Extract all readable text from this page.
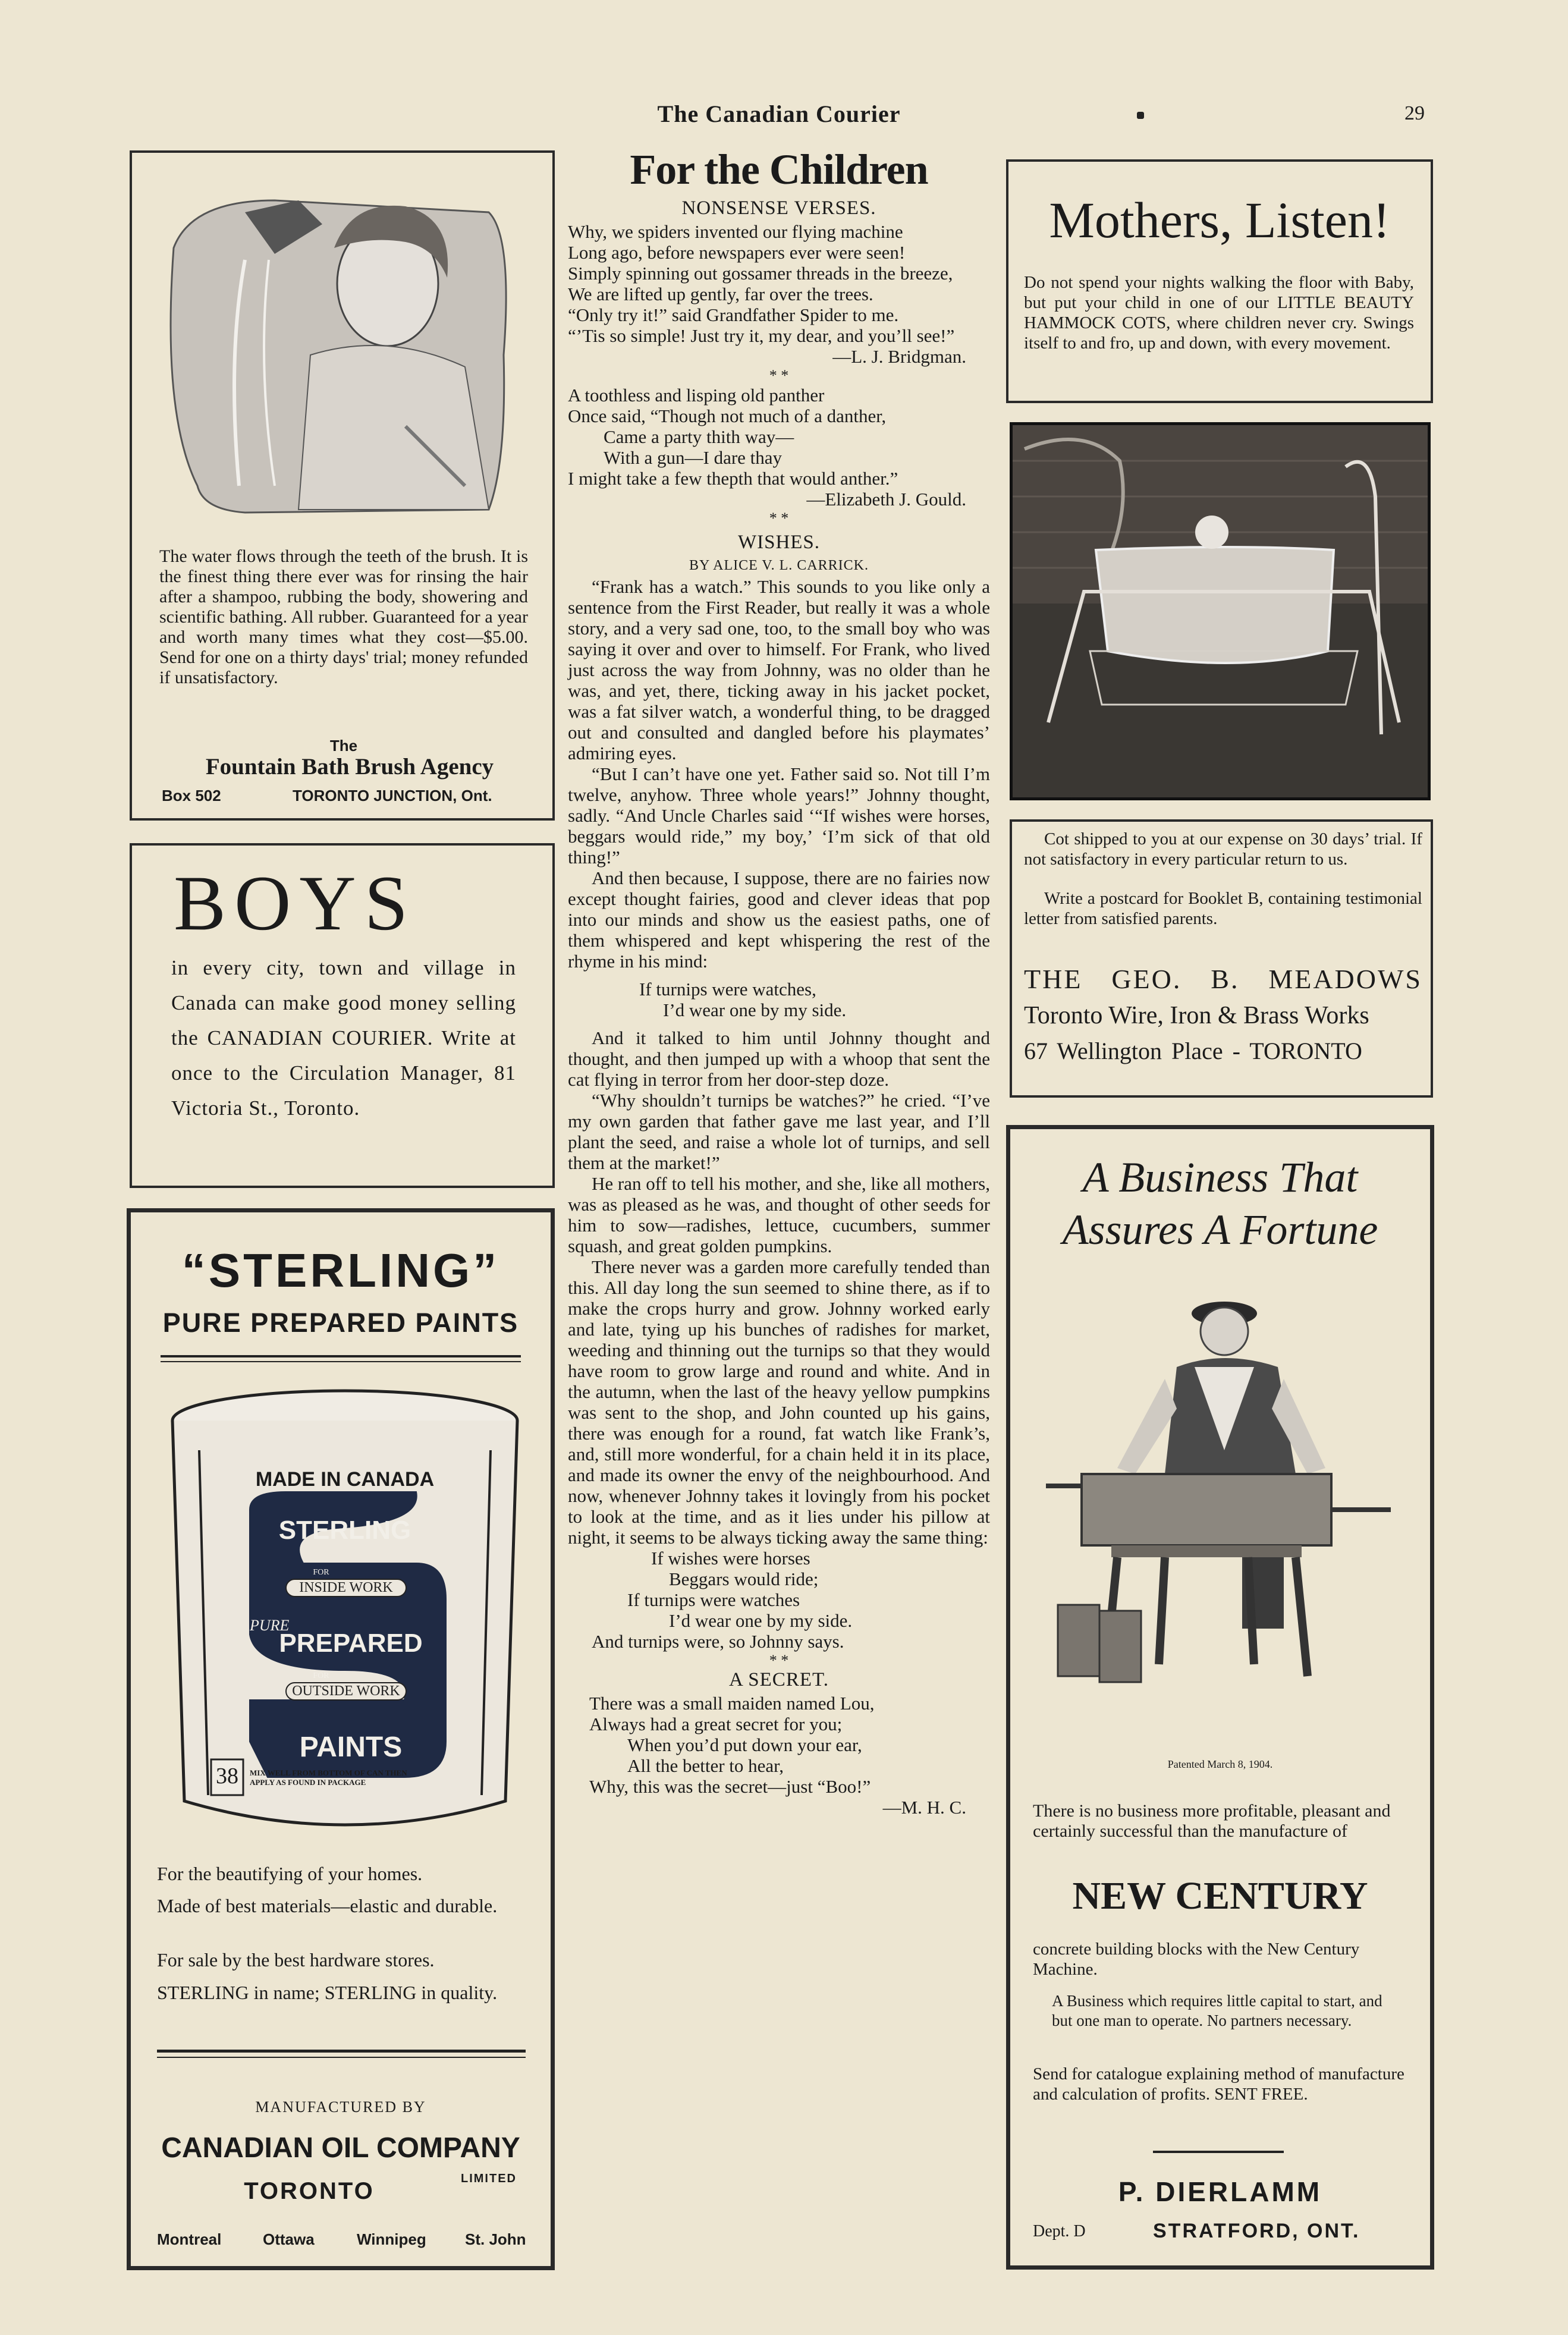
The Canadian Courier	29
The water flows through the teeth of the brush. It is the finest thing there ever was for rinsing the hair after a shampoo, rubbing the body, showering and scientific bathing. All rubber. Guaranteed for a year and worth many times what they cost—$5.00. Send for one on a thirty days' trial; money refunded if unsatisfactory.
The
Fountain Bath Brush Agency
Box 502	TORONTO JUNCTION, Ont.
BOYS
in every city, town and village in Canada can make good money selling the CANADIAN COURIER. Write at once to the Circulation Manager, 81 Victoria St., Toronto.
“STERLING”
PURE PREPARED PAINTS
MADE IN CANADA
STERLING
FOR
INSIDE WORK
PURE
PREPARED
FOR
OUTSIDE WORK
PAINTS
38	MIX WELL FROM BOTTOM OF CAN THEN APPLY AS FOUND IN PACKAGE
For the beautifying of your homes.
Made of best materials—elastic and durable.
For sale by the best hardware stores.
STERLING in name; STERLING in quality.
MANUFACTURED BY
CANADIAN OIL COMPANY
TORONTO	LIMITED
Montreal	Ottawa	Winnipeg	St. John
For the Children
NONSENSE VERSES.

Why, we spiders invented our flying machine

Long ago, before newspapers ever were seen!

Simply spinning out gossamer threads in the breeze,

We are lifted up gently, far over the trees.

“Only try it!” said Grandfather Spider to me.

“’Tis so simple! Just try it, my dear, and you’ll see!”

—L. J. Bridgman.

* *

A toothless and lisping old panther

Once said, “Though not much of a danther,

Came a party thith way—

With a gun—I dare thay

I might take a few thepth that would anther.”

—Elizabeth J. Gould.

* *

WISHES.

BY ALICE V. L. CARRICK.

“Frank has a watch.” This sounds to you like only a sentence from the First Reader, but really it was a whole story, and a very sad one, too, to the small boy who was saying it over and over to himself. For Frank, who lived just across the way from Johnny, was no older than he was, and yet, there, ticking away in his jacket pocket, was a fat silver watch, a wonderful thing, to be dragged out and consulted and dangled before his playmates’ admiring eyes.

“But I can’t have one yet. Father said so. Not till I’m twelve, anyhow. Three whole years!” Johnny thought, sadly. “And Uncle Charles said ‘“If wishes were horses, beggars would ride,” my boy,’ ‘I’m sick of that old thing!”

And then because, I suppose, there are no fairies now except thought fairies, good and clever ideas that pop into our minds and show us the easiest paths, one of them whispered and kept whispering the rest of the rhyme in his mind:

If turnips were watches,

I’d wear one by my side.

And it talked to him until Johnny thought and thought, and then jumped up with a whoop that sent the cat flying in terror from her door-step doze.

“Why shouldn’t turnips be watches?” he cried. “I’ve my own garden that father gave me last year, and I’ll plant the seed, and raise a whole lot of turnips, and sell them at the market!”

He ran off to tell his mother, and she, like all mothers, was as pleased as he was, and thought of other seeds for him to sow—radishes, lettuce, cucumbers, summer squash, and great golden pumpkins.

There never was a garden more carefully tended than this. All day long the sun seemed to shine there, as if to make the crops hurry and grow. Johnny worked early and late, tying up his bunches of radishes for market, weeding and thinning out the turnips so that they would have room to grow large and round and white. And in the autumn, when the last of the heavy yellow pumpkins was sent to the shop, and John counted up his gains, there was enough for a round, fat watch like Frank’s, and, still more wonderful, for a chain held it in its place, and made its owner the envy of the neighbourhood. And now, whenever Johnny takes it lovingly from his pocket to look at the time, and as it lies under his pillow at night, it seems to be always ticking away the same thing:

If wishes were horses

Beggars would ride;

If turnips were watches

I’d wear one by my side.

And turnips were, so Johnny says.

* *

A SECRET.

There was a small maiden named Lou,

Always had a great secret for you;

When you’d put down your ear,

All the better to hear,

Why, this was the secret—just “Boo!”

—M. H. C.

Mothers, Listen!
Do not spend your nights walking the floor with Baby, but put your child in one of our LITTLE BEAUTY HAMMOCK COTS, where children never cry. Swings itself to and fro, up and down, with every movement.
Cot shipped to you at our expense on 30 days’ trial. If not satisfactory in every particular return to us.
Write a postcard for Booklet B, containing testimonial letter from satisfied parents.
THE GEO. B. MEADOWS
Toronto Wire, Iron & Brass Works
67 Wellington Place - TORONTO
A Business That
Assures A Fortune
Patented March 8, 1904.
There is no business more profitable, pleasant and certainly successful than the manufacture of
NEW CENTURY
concrete building blocks with the New Century Machine.
A Business which requires little capital to start, and but one man to operate. No partners necessary.
Send for catalogue explaining method of manufacture and calculation of profits. SENT FREE.
P. DIERLAMM
Dept. D	STRATFORD, ONT.
